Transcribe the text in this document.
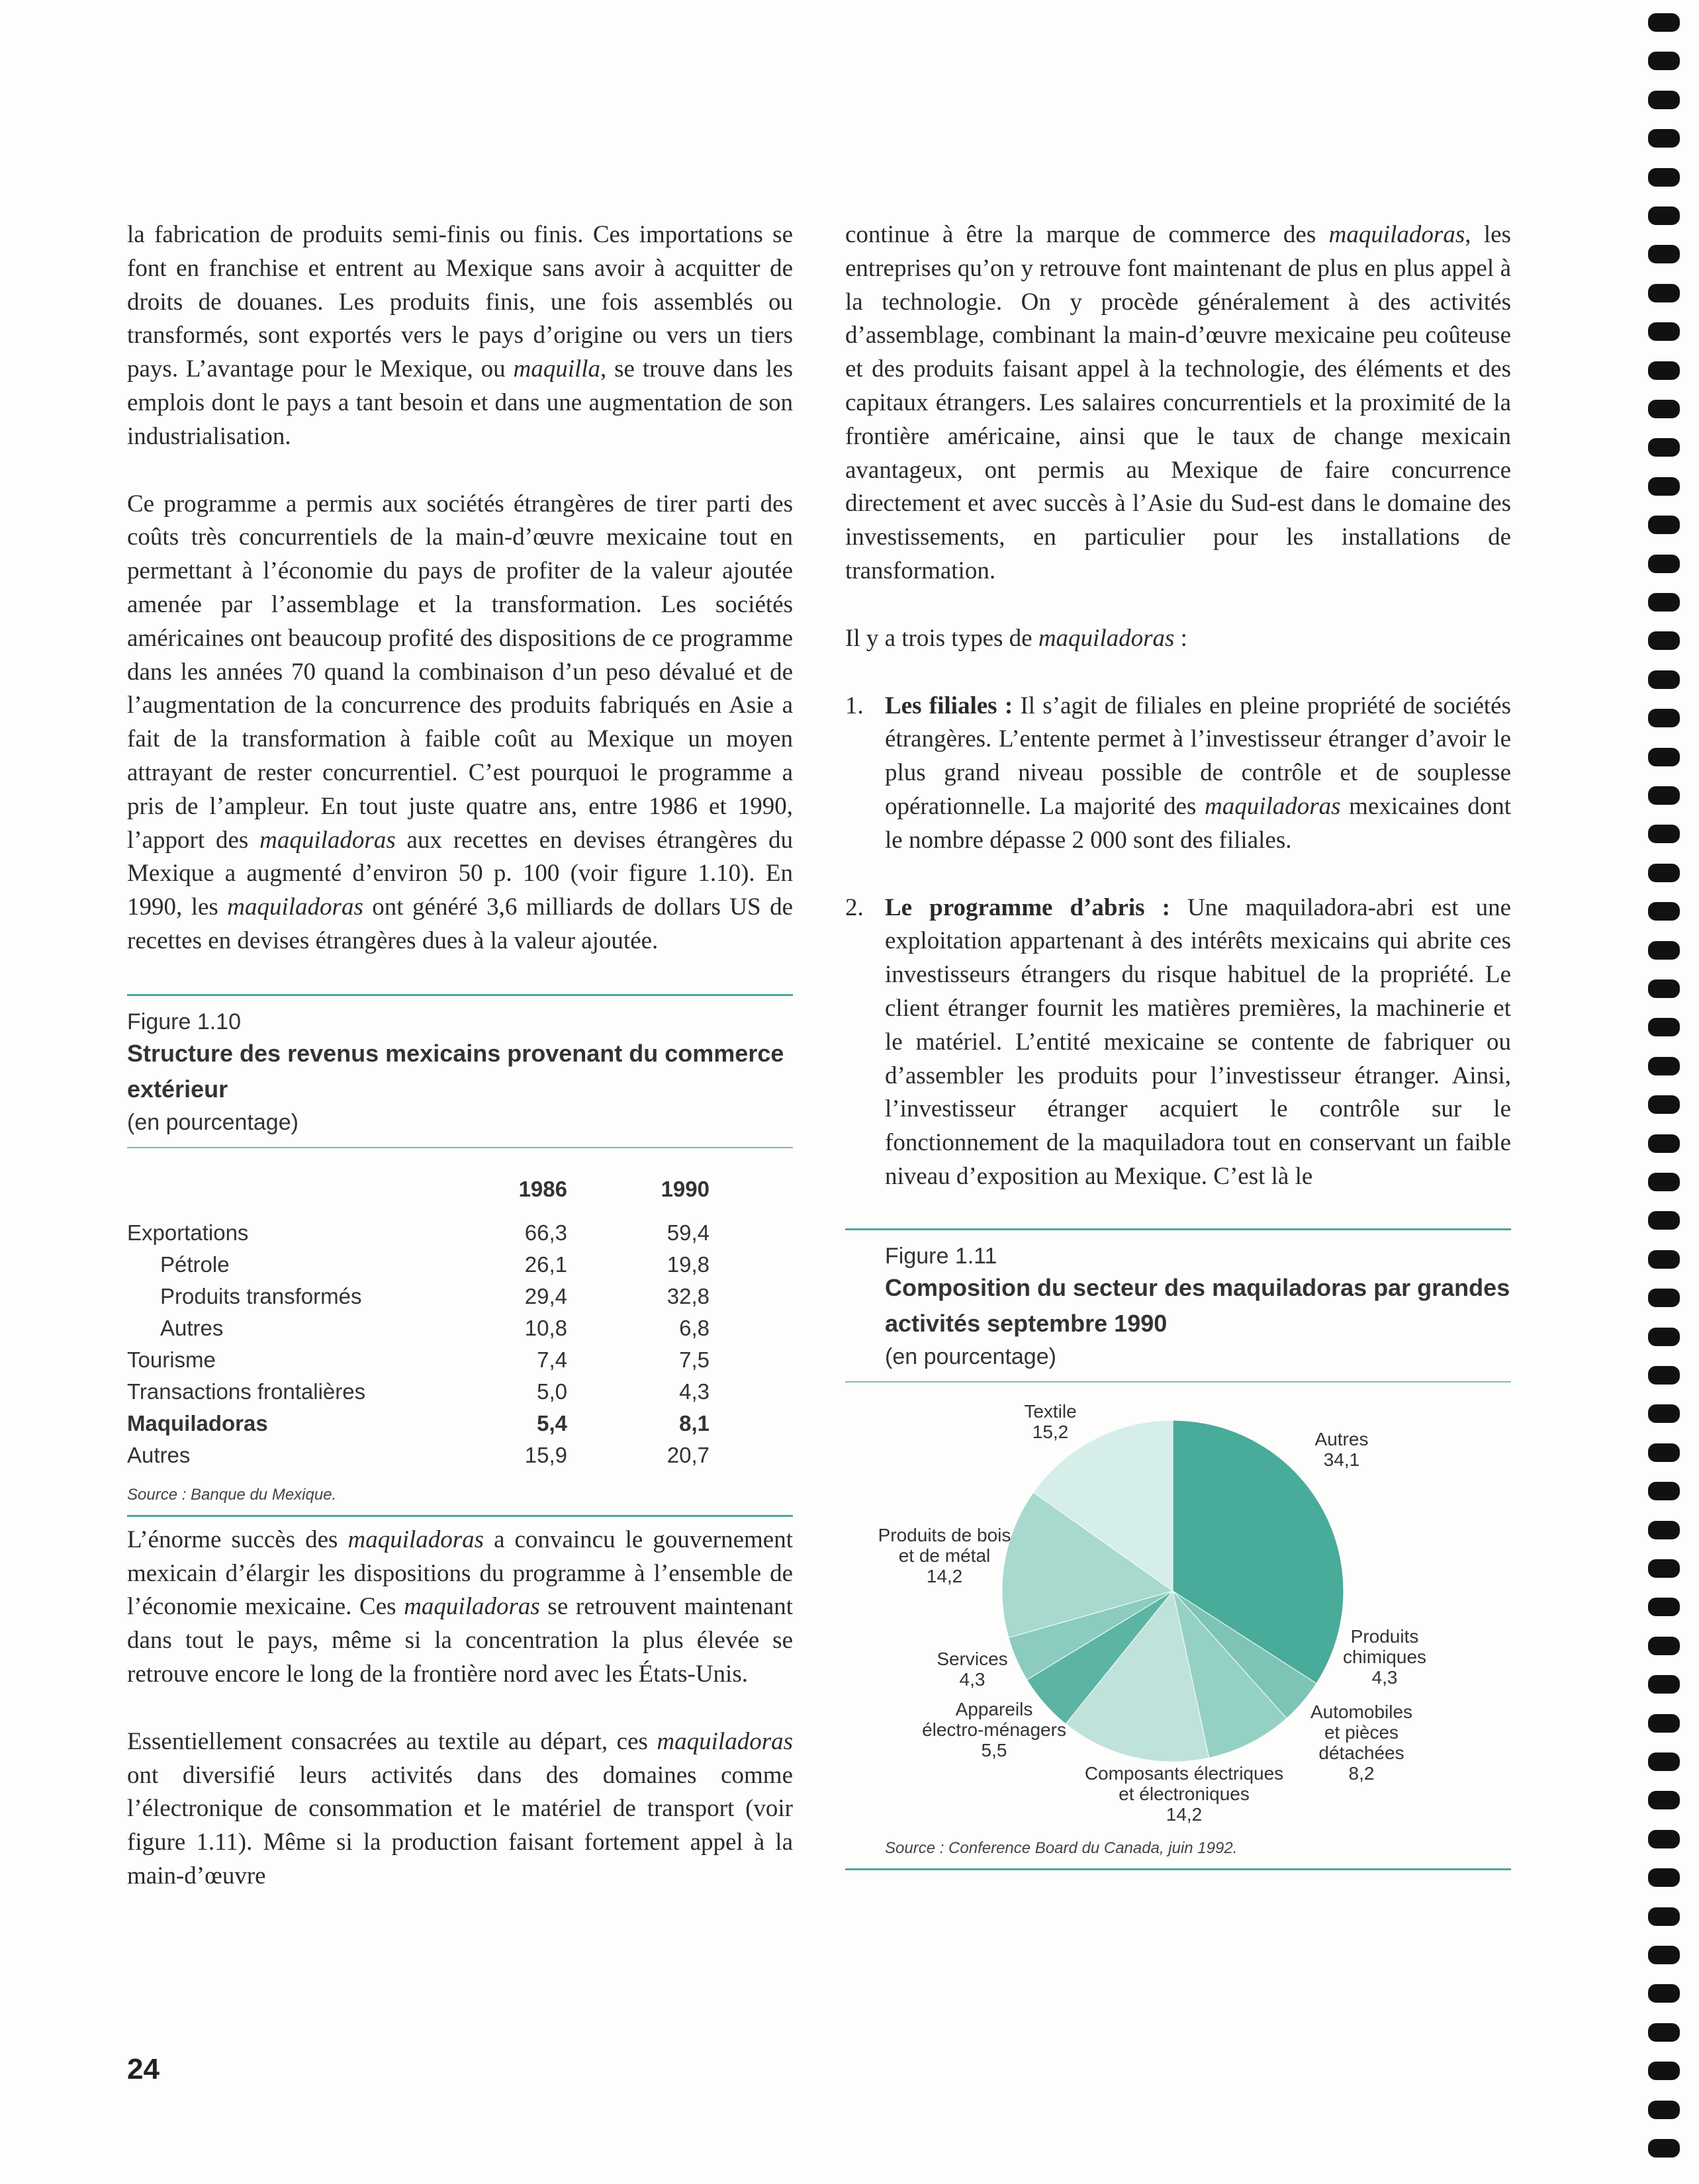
la fabrication de produits semi-finis ou finis. Ces importations se font en franchise et entrent au Mexique sans avoir à acquitter de droits de douanes. Les produits finis, une fois assemblés ou transformés, sont exportés vers le pays d’origine ou vers un tiers pays. L’avantage pour le Mexique, ou maquilla, se trouve dans les emplois dont le pays a tant besoin et dans une augmentation de son industrialisation.

Ce programme a permis aux sociétés étrangères de tirer parti des coûts très concurrentiels de la main-d’œuvre mexicaine tout en permettant à l’économie du pays de profiter de la valeur ajoutée amenée par l’assemblage et la transformation. Les sociétés américaines ont beaucoup profité des dispositions de ce programme dans les années 70 quand la combinaison d’un peso dévalué et de l’augmentation de la concurrence des produits fabriqués en Asie a fait de la transformation à faible coût au Mexique un moyen attrayant de rester concurrentiel. C’est pourquoi le programme a pris de l’ampleur. En tout juste quatre ans, entre 1986 et 1990, l’apport des maquiladoras aux recettes en devises étrangères du Mexique a augmenté d’environ 50 p. 100 (voir figure 1.10). En 1990, les maquiladoras ont généré 3,6 milliards de dollars US de recettes en devises étrangères dues à la valeur ajoutée.

Figure 1.10
Structure des revenus mexicains provenant du commerce extérieur
(en pourcentage)
	1986	1990	
Exportations	66,3	59,4	
Pétrole	26,1	19,8	
Produits transformés	29,4	32,8	
Autres	10,8	6,8	
Tourisme	7,4	7,5	
Transactions frontalières	5,0	4,3	
Maquiladoras	5,4	8,1	
Autres	15,9	20,7	
Source : Banque du Mexique.

L’énorme succès des maquiladoras a convaincu le gouvernement mexicain d’élargir les dispositions du programme à l’ensemble de l’économie mexicaine. Ces maquiladoras se retrouvent maintenant dans tout le pays, même si la concentration la plus élevée se retrouve encore le long de la frontière nord avec les États-Unis.

Essentiellement consacrées au textile au départ, ces maquiladoras ont diversifié leurs activités dans des domaines comme l’électronique de consommation et le matériel de transport (voir figure 1.11). Même si la production faisant fortement appel à la main-d’œuvre

continue à être la marque de commerce des maquiladoras, les entreprises qu’on y retrouve font maintenant de plus en plus appel à la technologie. On y procède généralement à des activités d’assemblage, combinant la main-d’œuvre mexicaine peu coûteuse et des produits faisant appel à la technologie, des éléments et des capitaux étrangers. Les salaires concurrentiels et la proximité de la frontière américaine, ainsi que le taux de change mexicain avantageux, ont permis au Mexique de faire concurrence directement et avec succès à l’Asie du Sud-est dans le domaine des investissements, en particulier pour les installations de transformation.

Il y a trois types de maquiladoras :

1. Les filiales : Il s’agit de filiales en pleine propriété de sociétés étrangères. L’entente permet à l’investisseur étranger d’avoir le plus grand niveau possible de contrôle et de souplesse opérationnelle. La majorité des maquiladoras mexicaines dont le nombre dépasse 2 000 sont des filiales.
2. Le programme d’abris : Une maquiladora-abri est une exploitation appartenant à des intérêts mexicains qui abrite ces investisseurs étrangers du risque habituel de la propriété. Le client étranger fournit les matières premières, la machinerie et le matériel. L’entité mexicaine se contente de fabriquer ou d’assembler les produits pour l’investisseur étranger. Ainsi, l’investisseur étranger acquiert le contrôle sur le fonctionnement de la maquiladora tout en conservant un faible niveau d’exposition au Mexique. C’est là le
Figure 1.11
Composition du secteur des maquiladoras par grandes activités septembre 1990
(en pourcentage)
Autres
34,1
Produits
chimiques
4,3
Automobiles
et pièces
détachées
8,2
Composants électriques
et électroniques
14,2
Appareils
électro-ménagers
5,5
Services
4,3
Produits de bois
et de métal
14,2
Textile
15,2
Source : Conference Board du Canada, juin 1992.
24
